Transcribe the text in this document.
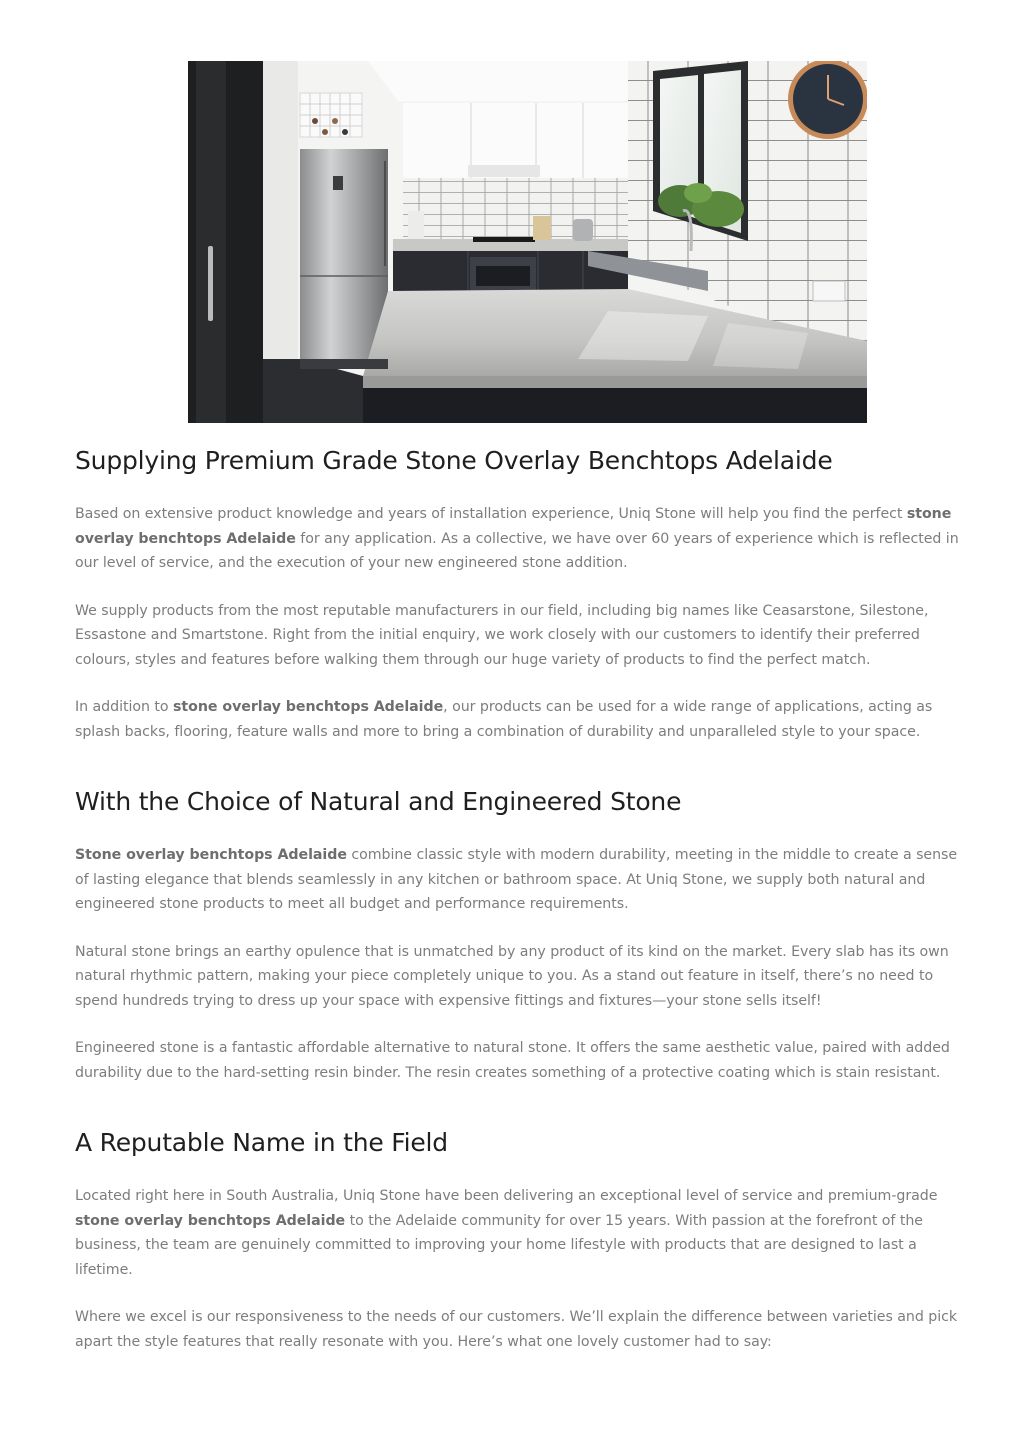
Supplying Premium Grade Stone Overlay Benchtops Adelaide

Based on extensive product knowledge and years of installation experience, Uniq Stone will help you find the perfect stone overlay benchtops Adelaide for any application. As a collective, we have over 60 years of experience which is reflected in our level of service, and the execution of your new engineered stone addition.

We supply products from the most reputable manufacturers in our field, including big names like Ceasarstone, Silestone, Essastone and Smartstone. Right from the initial enquiry, we work closely with our customers to identify their preferred colours, styles and features before walking them through our huge variety of products to find the perfect match.

In addition to stone overlay benchtops Adelaide, our products can be used for a wide range of applications, acting as splash backs, flooring, feature walls and more to bring a combination of durability and unparalleled style to your space.

With the Choice of Natural and Engineered Stone

Stone overlay benchtops Adelaide combine classic style with modern durability, meeting in the middle to create a sense of lasting elegance that blends seamlessly in any kitchen or bathroom space. At Uniq Stone, we supply both natural and engineered stone products to meet all budget and performance requirements.

Natural stone brings an earthy opulence that is unmatched by any product of its kind on the market. Every slab has its own natural rhythmic pattern, making your piece completely unique to you. As a stand out feature in itself, there’s no need to spend hundreds trying to dress up your space with expensive fittings and fixtures—your stone sells itself!

Engineered stone is a fantastic affordable alternative to natural stone. It offers the same aesthetic value, paired with added durability due to the hard-setting resin binder. The resin creates something of a protective coating which is stain resistant.

A Reputable Name in the Field

Located right here in South Australia, Uniq Stone have been delivering an exceptional level of service and premium-grade stone overlay benchtops Adelaide to the Adelaide community for over 15 years. With passion at the forefront of the business, the team are genuinely committed to improving your home lifestyle with products that are designed to last a lifetime.

Where we excel is our responsiveness to the needs of our customers. We’ll explain the difference between varieties and pick apart the style features that really resonate with you. Here’s what one lovely customer had to say:
